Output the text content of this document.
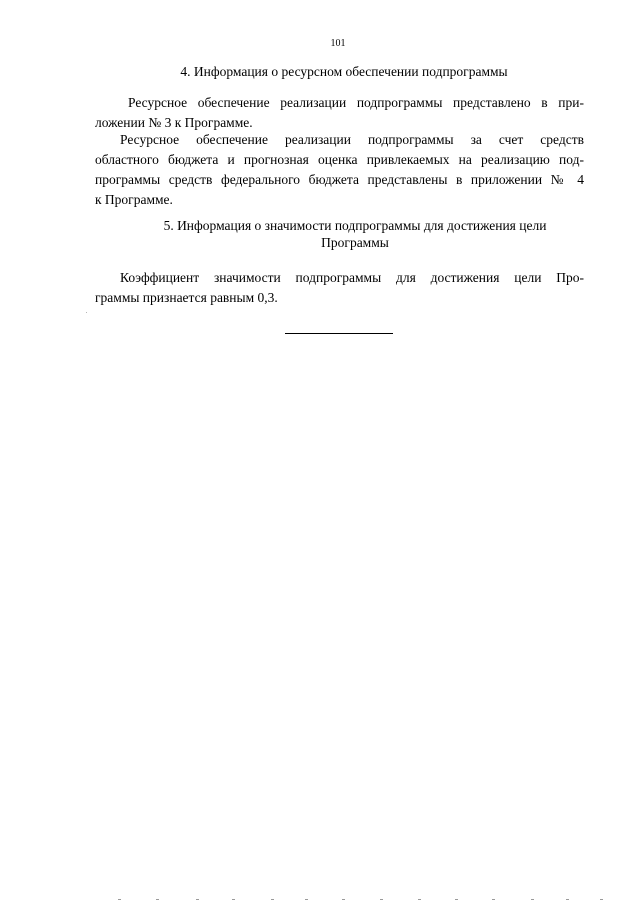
101
4. Информация о ресурсном обеспечении подпрограммы
Ресурсное обеспечение реализации подпрограммы представлено в при-
ложении № 3 к Программе.
Ресурсное обеспечение реализации подпрограммы за счет средств
областного бюджета и прогнозная оценка привлекаемых на реализацию под-
программы средств федерального бюджета представлены в приложении № 4
к Программе.
5. Информация о значимости подпрограммы для достижения цели
Программы
Коэффициент значимости подпрограммы для достижения цели Про-
граммы признается равным 0,3.
